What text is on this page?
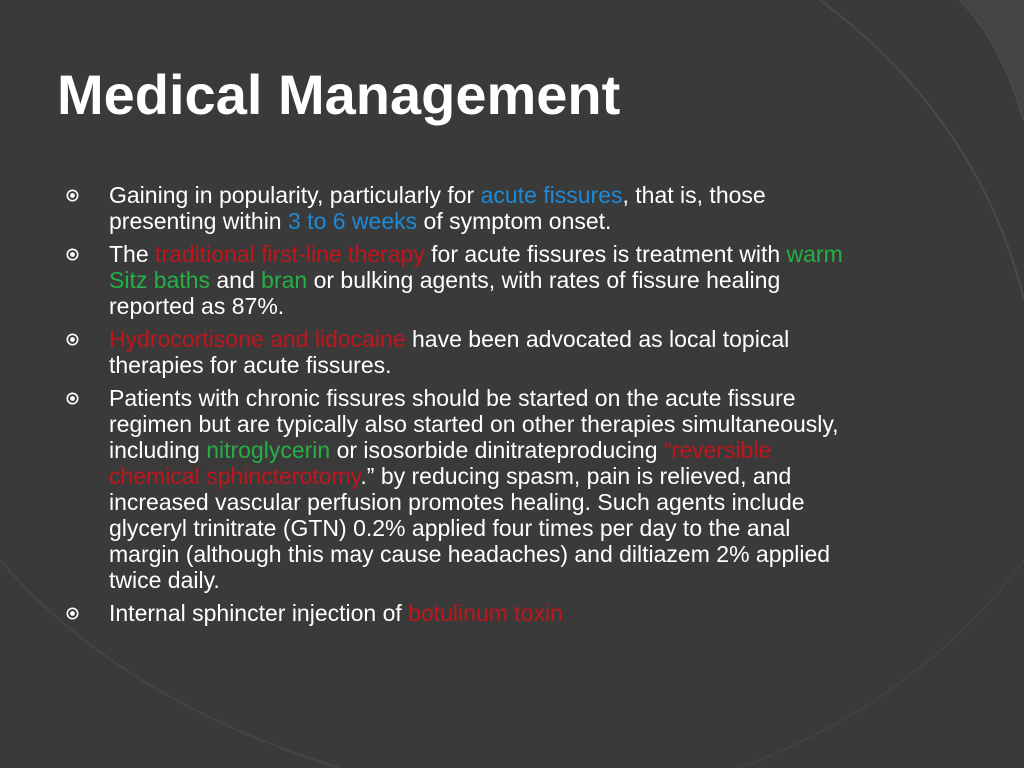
Medical Management
Gaining in popularity, particularly for acute fissures, that is, those presenting within 3 to 6 weeks of symptom onset.
The traditional first-line therapy for acute fissures is treatment with warm Sitz baths and bran or bulking agents, with rates of fissure healing reported as 87%.
Hydrocortisone and lidocaine have been advocated as local topical therapies for acute fissures.
Patients with chronic fissures should be started on the acute fissure regimen but are typically also started on other therapies simultaneously, including nitroglycerin or isosorbide dinitrateproducing “reversible chemical sphincterotomy.” by reducing spasm, pain is relieved, and increased vascular perfusion promotes healing. Such agents include glyceryl trinitrate (GTN) 0.2% applied four times per day to the anal margin (although this may cause headaches) and diltiazem 2% applied twice daily.
Internal sphincter injection of botulinum toxin
